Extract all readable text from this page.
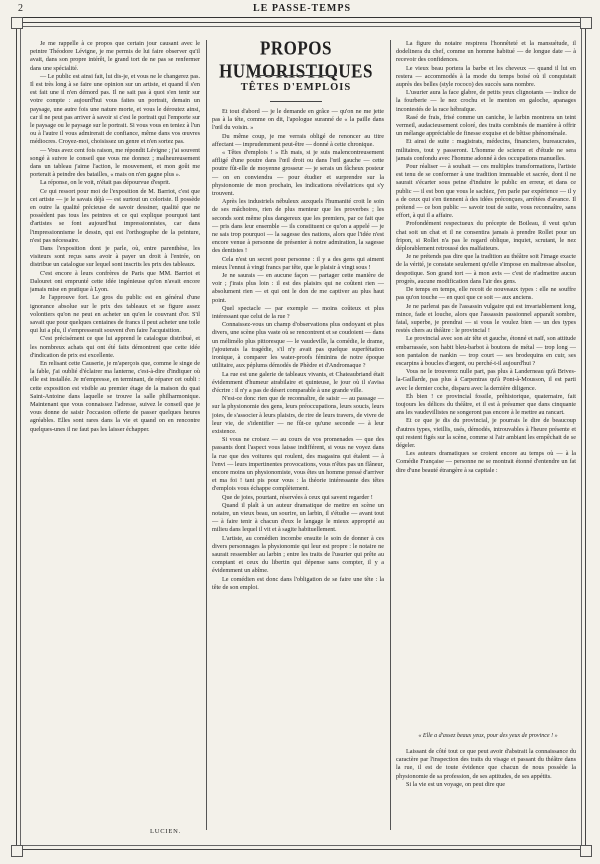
2	LE PASSE-TEMPS

Je me rappelle à ce propos que certain jour causant avec le peintre Théodore Lévigne, je me permis de lui faire observer qu'il avait, dans son propre intérêt, le grand tort de ne pas se renfermer dans une spécialité.

— Le public est ainsi fait, lui dis-je, et vous ne le changerez pas. Il est très long à se faire une opinion sur un artiste, et quand il s'en est fait une il n'en démord pas. Il ne sait pas à quoi s'en tenir sur votre compte : aujourd'hui vous faites un portrait, demain un paysage, une autre fois une nature morte, et vous le déroutez ainsi, car il ne peut pas arriver à savoir si c'est le portrait qui l'emporte sur le paysage ou le paysage sur le portrait. Si vous vous en teniez à l'un ou à l'autre il vous admirerait de confiance, même dans vos œuvres médiocres. Croyez-moi, choisissez un genre et n'en sortez pas.

— Vous avez cent fois raison, me répondit Lévigne ; j'ai souvent songé à suivre le conseil que vous me donnez ; malheureusement dans un tableau j'aime l'action, le mouvement, et mon goût me porterait à peindre des batailles, « mais on n'en gagne plus ».

La réponse, on le voit, n'était pas dépourvue d'esprit.

Ce qui ressort pour moi de l'exposition de M. Barriot, c'est que cet artiste — je le savais déjà — est surtout un coloriste. Il possède en outre la qualité précieuse de savoir dessiner, qualité que ne possèdent pas tous les peintres et ce qui explique pourquoi tant d'artistes se font aujourd'hui impressionnistes, car dans l'impressionnisme le dessin, qui est l'orthographe de la peinture, n'est pas nécessaire.

Dans l'exposition dont je parle, où, entre parenthèse, les visiteurs sont reçus sans avoir à payer un droit à l'entrée, on distribue un catalogue sur lequel sont inscrits les prix des tableaux.

C'est encore à leurs confrères de Paris que MM. Barriot et Dalouret ont emprunté cette idée ingénieuse qu'on n'avait encore jamais mise en pratique à Lyon.

Je l'approuve fort. Le gros du public est en général d'une ignorance absolue sur le prix des tableaux et se figure assez volontiers qu'on ne peut en acheter un qu'en le couvrant d'or. S'il savait que pour quelques centaines de francs il peut acheter une toile qui lui a plu, il s'empresserait souvent d'en faire l'acquisition.

C'est précisément ce que lui apprend le catalogue distribué, et les nombreux achats qui ont été faits démontrent que cette idée d'indication de prix est excellente.

En relisant cette Causerie, je m'aperçois que, comme le singe de la fable, j'ai oublié d'éclairer ma lanterne, c'est-à-dire d'indiquer où elle est installée. Je m'empresse, en terminant, de réparer cet oubli : cette exposition est visible au premier étage de la maison du quai Saint-Antoine dans laquelle se trouve la salle philharmonique. Maintenant que vous connaissez l'adresse, suivez le conseil que je vous donne de saisir l'occasion offerte de passer quelques heures agréables. Elles sont rares dans la vie et quand on en rencontre quelques-unes il ne faut pas les laisser échapper.

LUCIEN.
PROPOS HUMORISTIQUES
TÊTES D'EMPLOIS

Et tout d'abord — je le demande en grâce — qu'on ne me jette pas à la tête, comme on dit, l'apologue suranné de « la paille dans l'œil du voisin. »

Du même coup, je me verrais obligé de renoncer au titre affectant — imprudemment peut-être — donné à cette chronique.

« Têtes d'emplois ! » Eh mais, si je suis malencontreusement affligé d'une poutre dans l'œil droit ou dans l'œil gauche — cette poutre fût-elle de moyenne grosseur — je serais un fâcheux posteur — on en conviendra — pour étudier et surprendre sur la physionomie de mon prochain, les indications révélatrices qui s'y trouvent.

Après les industriels nébuleux auxquels l'humanité croit le soin de ses mâchoires, rien de plus menteur que les proverbes ; les seconds sont même plus dangereux que les premiers, par ce fait que — pris dans leur ensemble — ils constituent ce qu'on a appelé — je ne sais trop pourquoi — la sagesse des nations, alors que l'idée n'est encore venue à personne de présenter à notre admiration, la sagesse des dentistes !

Cela n'est un secret pour personne : il y a des gens qui aiment mieux l'ennui à vingt francs par tête, que le plaisir à vingt sous !

Je ne saurais — en aucune façon — partager cette manière de voir ; j'irais plus loin : il est des plaisirs qui ne coûtent rien — absolument rien — et qui ont le don de me captiver au plus haut point.

Quel spectacle — par exemple — moins coûteux et plus intéressant que celui de la rue ?

Connaissez-vous un champ d'observations plus ondoyant et plus divers, une scène plus vaste où se rencontrent et se coudoient — dans un mélimélo plus pittoresque — le vaudeville, la comédie, le drame, j'ajouterais la tragédie, s'il n'y avait pas quelque superfétation ironique, à comparer les water-proofs féminins de notre époque utilitaire, aux péplums démodés de Phèdre et d'Andromaque ?

La rue est une galerie de tableaux vivants, et Chateaubriand était évidemment d'humeur atrabilaire et quinteuse, le jour où il s'avisa d'écrire : il n'y a pas de désert comparable à une grande ville.

N'est-ce donc rien que de reconnaître, de saisir — au passage — sur la physionomie des gens, leurs préoccupations, leurs soucis, leurs joies, de s'associer à leurs plaisirs, de rire de leurs travers, de vivre de leur vie, de s'identifier — ne fût-ce qu'une seconde — à leur existence.

Si vous ne croisez — au cours de vos promenades — que des passants dont l'aspect vous laisse indifférent, si vous ne voyez dans la rue que des voitures qui roulent, des magasins qui étalent — à l'envi — leurs impertinentes provocations, vous n'êtes pas un flâneur, encore moins un physionomiste, vous êtes un homme pressé d'arriver et ma foi ! tant pis pour vous : la théorie intéressante des têtes d'emplois vous échappe complètement.

Que de joies, pourtant, réservées à ceux qui savent regarder !

Quand il plaît à un auteur dramatique de mettre en scène un notaire, un vieux beau, un sourire, un larbin, il s'étudie — avant tout — à faire tenir à chacun d'eux le langage le mieux approprié au milieu dans lequel il vit et à sagite habituellement.

L'artiste, au comédien incombe ensuite le soin de donner à ces divers personnages la physionomie qui leur est propre : le notaire ne saurait ressembler au larbin ; entre les traits de l'usurier qui prête au comptant et ceux du libertin qui dépense sans compter, il y a évidemment un abîme.

Le comédien est donc dans l'obligation de se faire une tête : la tête de son emploi.

La figure du notaire respirera l'honnêteté et la mansuétude, il dodelinera du chef, comme un homme habitué — de longue date — à recevoir des confidences.

Le vieux beau portera la barbe et les cheveux — quand il lui en restera — accommodés à la mode du temps boisé où il conquistait auprès des belles (style rococo) des succès sans nombre.

L'usurier aura la face glabre, de petits yeux clignotants — indice de la fourberie — le nez crochu et le menton en galoche, apanages incontestés de la race hébraïque.

Rasé de frais, frisé comme un caniche, le larbin montrera un teint vermeil, audacieusement coloré, des traits combinés de manière à offrir un mélange appréciable de finesse exquise et de bêtise phénoménale.

Et ainsi de suite : magistrats, médecins, financiers, bureaucrates, militaires, tout y passeront. L'homme de science et d'étude ne sera jamais confondu avec l'homme adonné à des occupations manuelles.

Pour réaliser — à souhait — ces multiples transformations, l'artiste est tenu de se conformer à une tradition immuable et sacrée, dont il ne saurait s'écarter sous peine d'induire le public en erreur, et dans ce public — il est bon que vous le sachiez, j'en parle par expérience — il y a de ceux qui s'en tiennent à des idées préconçues, arrêtées d'avance. Il prétend — ce bon public — savoir tout de suite, vous reconnaître, sans effort, à qui il a affaire.

Profondément respectueux du précepte de Boileau, il veut qu'un chat soit un chat et il ne consentira jamais à prendre Rollet pour un fripon, si Rollet n'a pas le regard oblique, inquiet, scrutant, le nez déplorablement retroussé des malfaiteurs.

Je ne prétends pas dire que la tradition au théâtre soit l'image exacte de la vérité, je constate seulement qu'elle s'impose en maîtresse absolue, despotique. Son grand tort — à mon avis — c'est de n'admettre aucun progrès, aucune modification dans l'air des gens.

De temps en temps, elle recoit de nouveaux types : elle ne souffre pas qu'on touche — en quoi que ce soit — aux anciens.

Je ne parlerai pas de l'assassin vulgaire qui est invariablement long, mince, fade et louche, alors que l'assassin passionnel apparaît sombre, fatal, superbe, je prendrai — si vous le voulez bien — un des types restés chers au théâtre : le provincial !

Le provincial avec son air tête et gauche, étonné et naïf, son attitude embarrassée, son habit bleu-barbot à boutons de métal — trop long — son pantalon de nankin — trop court — ses brodequins en cuir, ses escarpins à boucles d'argent, ou perché-t-il aujourd'hui ?

Vous ne le trouverez nulle part, pas plus à Landerneau qu'à Brives-la-Gaillarde, pas plus à Carpentras qu'à Pont-à-Mousson, il est parti avec le dernier coche, disparu avec la dernière diligence.

Eh bien ! ce provincial fossile, préhistorique, quaternaire, fait toujours les délices du théâtre, et il est à présumer que dans cinquante ans les vaudevillistes ne songeront pas encore à le mettre au rancart.

Et ce que je dis du provincial, je pourrais le dire de beaucoup d'autres types, vieillis, usés, démodés, introuvables à l'heure présente et qui restent figés sur la scène, comme si l'air ambiant les empêchait de se dégeler.

Les auteurs dramatiques se croient encore au temps où — à la Comédie Française — personne ne se montrait étonné d'entendre un fat dire d'une beauté étrangère à sa capitale :

« Elle a d'assez beaux yeux, pour des yeux de province ! »

Laissant de côté tout ce que peut avoir d'abstrait la connaissance du caractère par l'inspection des traits du visage et passant du théâtre dans la rue, il est de toute évidence que chacun de nous possède la physionomie de sa profession, de ses aptitudes, de ses appétits.

Si la vie est un voyage, on peut dire que
